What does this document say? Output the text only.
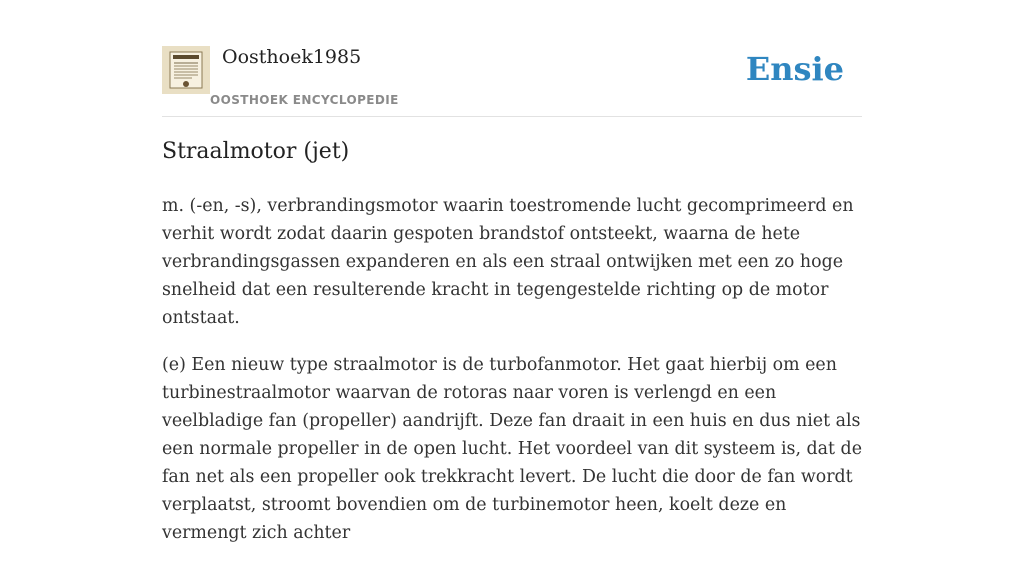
Oosthoek1985
OOSTHOEK ENCYCLOPEDIE
Ensie
Straalmotor (jet)

m. (-en, -s), verbrandingsmotor waarin toestromende lucht gecomprimeerd en verhit wordt zodat daarin gespoten brandstof ontsteekt, waarna de hete verbrandingsgassen expanderen en als een straal ontwijken met een zo hoge snelheid dat een resulterende kracht in tegengestelde richting op de motor ontstaat.

(e) Een nieuw type straalmotor is de turbofanmotor. Het gaat hierbij om een turbinestraalmotor waarvan de rotoras naar voren is verlengd en een veelbladige fan (propeller) aandrijft. Deze fan draait in een huis en dus niet als een normale propeller in de open lucht. Het voordeel van dit systeem is, dat de fan net als een propeller ook trekkracht levert. De lucht die door de fan wordt verplaatst, stroomt bovendien om de turbinemotor heen, koelt deze en vermengt zich achter
